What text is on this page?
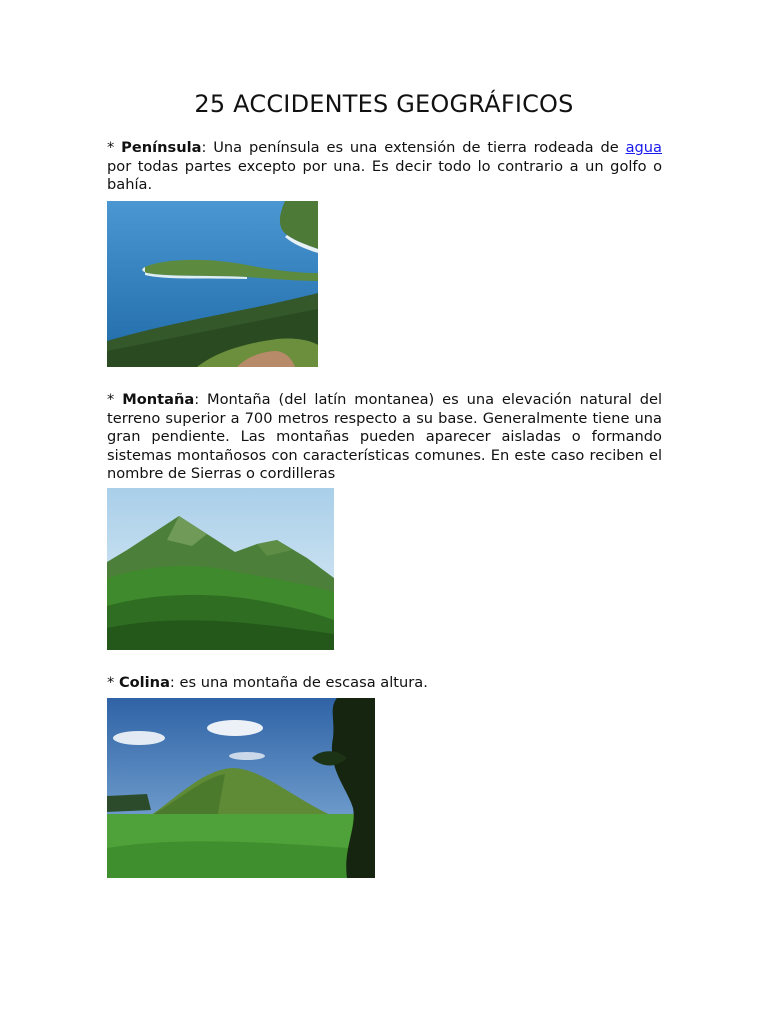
25 ACCIDENTES GEOGRÁFICOS

* Península: Una península es una extensión de tierra rodeada de agua por todas partes excepto por una. Es decir todo lo contrario a un golfo o bahía.

* Montaña: Montaña (del latín montanea) es una elevación natural del terreno superior a 700 metros respecto a su base. Generalmente tiene una gran pendiente. Las montañas pueden aparecer aisladas o formando sistemas montañosos con características comunes. En este caso reciben el nombre de Sierras o cordilleras

* Colina: es una montaña de escasa altura.
